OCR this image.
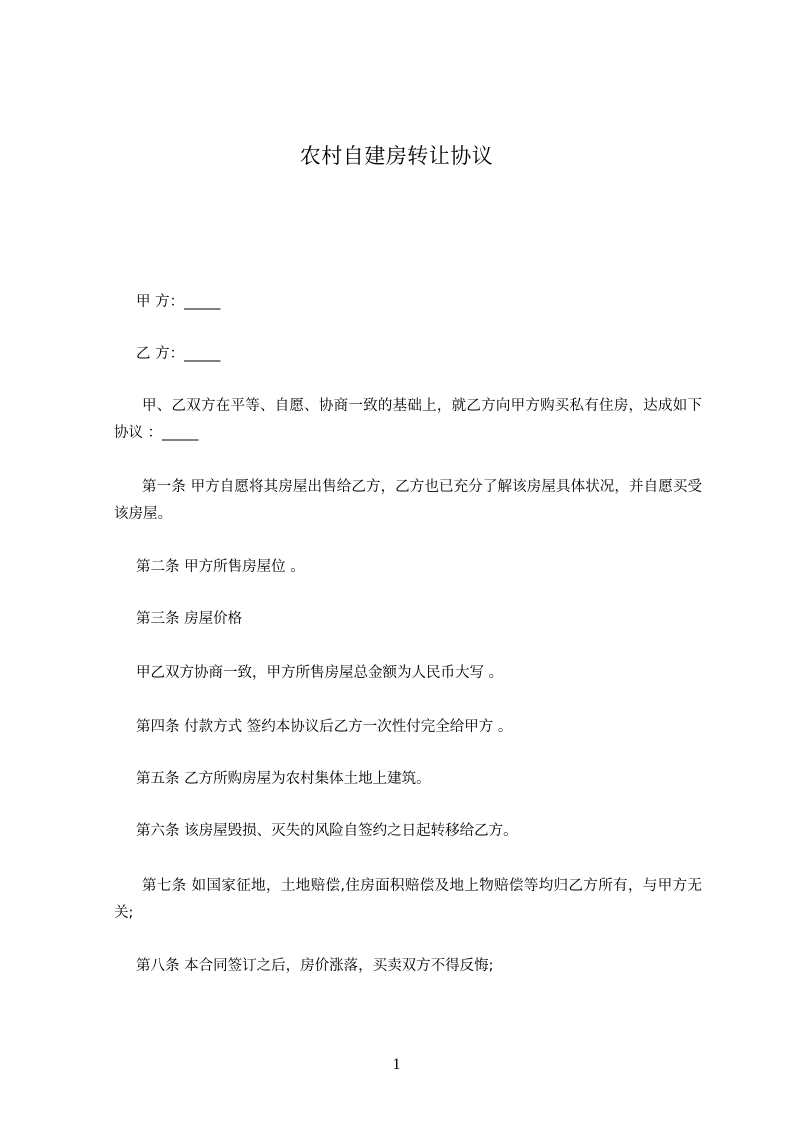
农村自建房转让协议

甲 方：_____

乙 方：_____

甲、乙双方在平等、自愿、协商一致的基础上，就乙方向甲方购买私有住房，达成如下协议 ：_____

第一条 甲方自愿将其房屋出售给乙方，乙方也已充分了解该房屋具体状况，并自愿买受该房屋。

第二条 甲方所售房屋位 。

第三条 房屋价格

甲乙双方协商一致，甲方所售房屋总金额为人民币大写 。

第四条 付款方式 签约本协议后乙方一次性付完全给甲方 。

第五条 乙方所购房屋为农村集体土地上建筑。

第六条 该房屋毁损、灭失的风险自签约之日起转移给乙方。

第七条 如国家征地，土地赔偿,住房面积赔偿及地上物赔偿等均归乙方所有，与甲方无关;

第八条 本合同签订之后，房价涨落，买卖双方不得反悔;

1
